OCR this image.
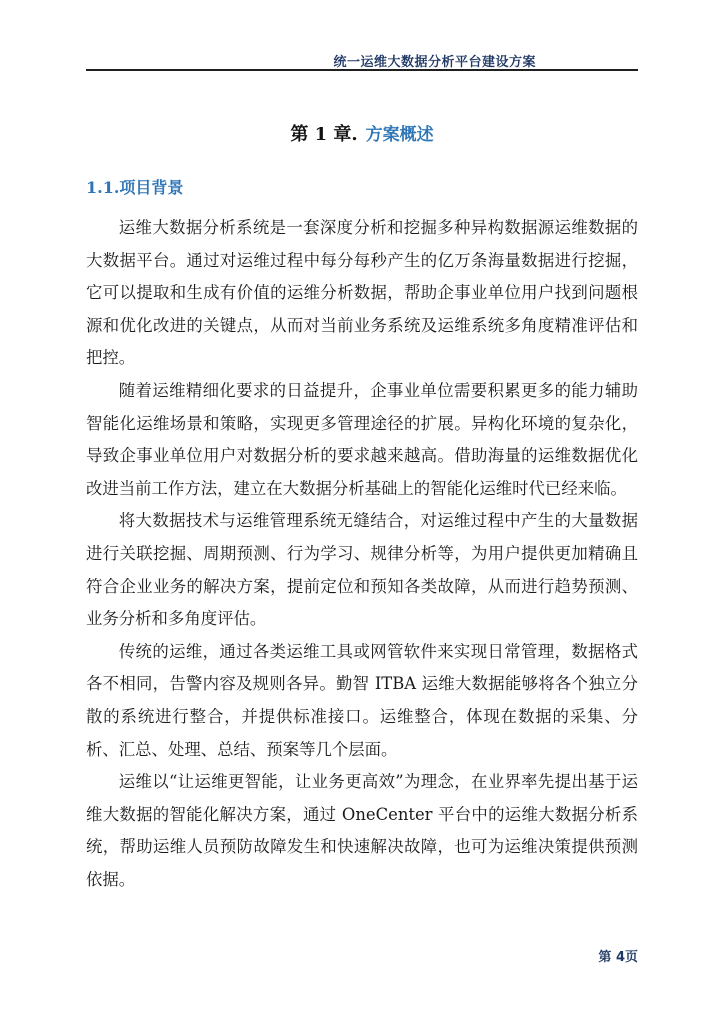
统一运维大数据分析平台建设方案
第 1 章. 方案概述
1.1.项目背景

运维大数据分析系统是一套深度分析和挖掘多种异构数据源运维数据的大数据平台。通过对运维过程中每分每秒产生的亿万条海量数据进行挖掘，它可以提取和生成有价值的运维分析数据，帮助企事业单位用户找到问题根源和优化改进的关键点，从而对当前业务系统及运维系统多角度精准评估和把控。

随着运维精细化要求的日益提升，企事业单位需要积累更多的能力辅助智能化运维场景和策略，实现更多管理途径的扩展。异构化环境的复杂化，导致企事业单位用户对数据分析的要求越来越高。借助海量的运维数据优化改进当前工作方法，建立在大数据分析基础上的智能化运维时代已经来临。

将大数据技术与运维管理系统无缝结合，对运维过程中产生的大量数据进行关联挖掘、周期预测、行为学习、规律分析等，为用户提供更加精确且符合企业业务的解决方案，提前定位和预知各类故障，从而进行趋势预测、业务分析和多角度评估。

传统的运维，通过各类运维工具或网管软件来实现日常管理，数据格式各不相同，告警内容及规则各异。勤智 ITBA 运维大数据能够将各个独立分散的系统进行整合，并提供标准接口。运维整合，体现在数据的采集、分析、汇总、处理、总结、预案等几个层面。

运维以“让运维更智能，让业务更高效”为理念，在业界率先提出基于运维大数据的智能化解决方案，通过 OneCenter 平台中的运维大数据分析系统，帮助运维人员预防故障发生和快速解决故障，也可为运维决策提供预测依据。

第 4页
